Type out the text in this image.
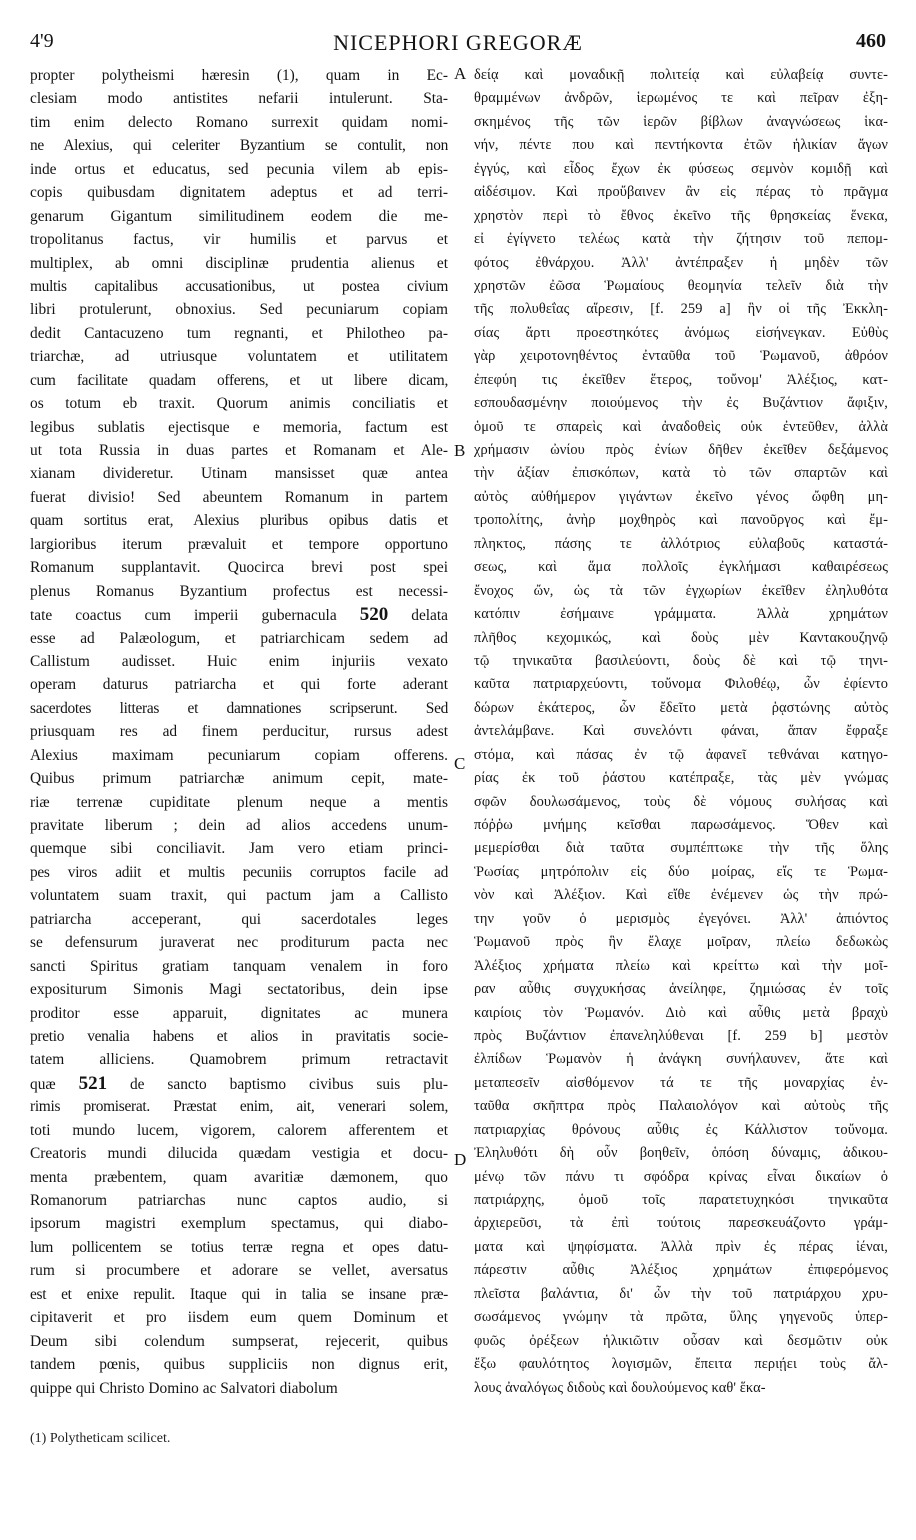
4'9	NICEPHORI GREGORÆ	460
propter polytheismi hæresin (1), quam in Ec-
clesiam modo antistites nefarii intulerunt. Sta-
tim enim delecto Romano surrexit quidam nomi-
ne Alexius, qui celeriter Byzantium se contulit, non
inde ortus et educatus, sed pecunia vilem ab epis-
copis quibusdam dignitatem adeptus et ad terri-
genarum Gigantum similitudinem eodem die me-
tropolitanus factus, vir humilis et parvus et
multiplex, ab omni disciplinæ prudentia alienus et
multis capitalibus accusationibus, ut postea civium
libri protulerunt, obnoxius. Sed pecuniarum copiam
dedit Cantacuzeno tum regnanti, et Philotheo pa-
triarchæ, ad utriusque voluntatem et utilitatem
cum facilitate quadam offerens, et ut libere dicam,
os totum eb traxit. Quorum animis conciliatis et
legibus sublatis ejectisque e memoria, factum est
ut tota Russia in duas partes et Romanam et Ale-
xianam divideretur. Utinam mansisset quæ antea
fuerat divisio! Sed abeuntem Romanum in partem
quam sortitus erat, Alexius pluribus opibus datis et
largioribus iterum prævaluit et tempore opportuno
Romanum supplantavit. Quocirca brevi post spei
plenus Romanus Byzantium profectus est necessi-
tate coactus cum imperii gubernacula 520 delata
esse ad Palæologum, et patriarchicam sedem ad
Callistum audisset. Huic enim injuriis vexato
operam daturus patriarcha et qui forte aderant
sacerdotes litteras et damnationes scripserunt. Sed
priusquam res ad finem perducitur, rursus adest
Alexius maximam pecuniarum copiam offerens.
Quibus primum patriarchæ animum cepit, mate-
riæ terrenæ cupiditate plenum neque a mentis
pravitate liberum ; dein ad alios accedens unum-
quemque sibi conciliavit. Jam vero etiam princi-
pes viros adiit et multis pecuniis corruptos facile ad
voluntatem suam traxit, qui pactum jam a Callisto
patriarcha acceperant, qui sacerdotales leges
se defensurum juraverat nec proditurum pacta nec
sancti Spiritus gratiam tanquam venalem in foro
expositurum Simonis Magi sectatoribus, dein ipse
proditor esse apparuit, dignitates ac munera
pretio venalia habens et alios in pravitatis socie-
tatem alliciens. Quamobrem primum retractavit
quæ 521 de sancto baptismo civibus suis plu-
rimis promiserat. Præstat enim, ait, venerari solem,
toti mundo lucem, vigorem, calorem afferentem et
Creatoris mundi dilucida quædam vestigia et docu-
menta præbentem, quam avaritiæ dæmonem, quo
Romanorum patriarchas nunc captos audio, si
ipsorum magistri exemplum spectamus, qui diabo-
lum pollicentem se totius terræ regna et opes datu-
rum si procumbere et adorare se vellet, aversatus
est et enixe repulit. Itaque qui in talia se insane præ-
cipitaverit et pro iisdem eum quem Dominum et
Deum sibi colendum sumpserat, rejecerit, quibus
tandem pœnis, quibus suppliciis non dignus erit,
quippe qui Christo Domino ac Salvatori diabolum
δείᾳ καὶ μοναδικῇ πολιτείᾳ καὶ εὐλαβείᾳ συντε-
θραμμένων ἀνδρῶν, ἱερωμένος τε καὶ πεῖραν ἐξη-
σκημένος τῆς τῶν ἱερῶν βίβλων ἀναγνώσεως ἱκα-
νήν, πέντε που καὶ πεντήκοντα ἐτῶν ἡλικίαν ἄγων
ἐγγύς, καὶ εἶδος ἔχων ἐκ φύσεως σεμνὸν κομιδῇ καὶ
αἰδέσιμον. Καὶ προὔβαινεν ἂν εἰς πέρας τὸ πρᾶγμα
χρηστὸν περὶ τὸ ἔθνος ἐκεῖνο τῆς θρησκείας ἕνεκα,
εἰ ἐγίγνετο τελέως κατὰ τὴν ζήτησιν τοῦ πεπομ-
φότος ἐθνάρχου. Ἀλλ' ἀντέπραξεν ἡ μηδὲν τῶν
χρηστῶν ἐῶσα Ῥωμαίους θεομηνία τελεῖν διὰ τὴν
τῆς πολυθεΐας αἵρεσιν, [f. 259 a] ἣν οἱ τῆς Ἐκκλη-
σίας ἄρτι προεστηκότες ἀνόμως εἰσήνεγκαν. Εὐθὺς
γὰρ χειροτονηθέντος ἐνταῦθα τοῦ Ῥωμανοῦ, ἀθρόον
ἐπεφύη τις ἐκεῖθεν ἕτερος, τοὔνομ' Ἀλέξιος, κατ-
εσπουδασμένην ποιούμενος τὴν ἐς Βυζάντιον ἄφιξιν,
ὁμοῦ τε σπαρεὶς καὶ ἀναδοθεὶς οὐκ ἐντεῦθεν, ἀλλὰ
χρήμασιν ὠνίου πρὸς ἐνίων δῆθεν ἐκεῖθεν δεξάμενος
τὴν ἀξίαν ἐπισκόπων, κατὰ τὸ τῶν σπαρτῶν καὶ
αὐτὸς αὐθήμερον γιγάντων ἐκεῖνο γένος ὤφθη μη-
τροπολίτης, ἀνὴρ μοχθηρὸς καὶ πανοῦργος καὶ ἔμ-
πληκτος, πάσης τε ἀλλότριος εὐλαβοῦς καταστά-
σεως, καὶ ἅμα πολλοῖς ἐγκλήμασι καθαιρέσεως
ἔνοχος ὤν, ὡς τὰ τῶν ἐγχωρίων ἐκεῖθεν ἐληλυθότα
κατόπιν ἐσήμαινε γράμματα. Ἀλλὰ χρημάτων
πλῆθος κεχομικώς, καὶ δοὺς μὲν Καντακουζηνῷ
τῷ τηνικαῦτα βασιλεύοντι, δοὺς δὲ καὶ τῷ τηνι-
καῦτα πατριαρχεύοντι, τοὔνομα Φιλοθέῳ, ὧν ἐφίεντο
δώρων ἑκάτερος, ὧν ἔδεῖτο μετὰ ῥᾳστώνης αὐτὸς
ἀντελάμβανε. Καὶ συνελόντι φάναι, ἅπαν ἔφραξε
στόμα, καὶ πάσας ἐν τῷ ἀφανεῖ τεθνάναι κατηγο-
ρίας ἐκ τοῦ ῥάστου κατέπραξε, τὰς μὲν γνώμας
σφῶν δουλωσάμενος, τοὺς δὲ νόμους συλήσας καὶ
πόῤῥω μνήμης κεῖσθαι παρωσάμενος. Ὅθεν καὶ
μεμερίσθαι διὰ ταῦτα συμπέπτωκε τὴν τῆς ὅλης
Ῥωσίας μητρόπολιν εἰς δύο μοίρας, εἴς τε Ῥωμα-
νὸν καὶ Ἀλέξιον. Καὶ εἴθε ἐνέμενεν ὡς τὴν πρώ-
την γοῦν ὁ μερισμὸς ἐγεγόνει. Ἀλλ' ἀπιόντος
Ῥωμανοῦ πρὸς ἣν ἔλαχε μοῖραν, πλείω δεδωκὼς
Ἀλέξιος χρήματα πλείω καὶ κρείττω καὶ τὴν μοῖ-
ραν αὖθις συγχυκήσας ἀνείληφε, ζημιώσας ἐν τοῖς
καιρίοις τὸν Ῥωμανόν. Διὸ καὶ αὖθις μετὰ βραχὺ
πρὸς Βυζάντιον ἐπανεληλύθεναι [f. 259 b] μεστὸν
ἐλπίδων Ῥωμανὸν ἡ ἀνάγκη συνήλαυνεν, ἅτε καὶ
μεταπεσεῖν αἰσθόμενον τά τε τῆς μοναρχίας ἐν-
ταῦθα σκῆπτρα πρὸς Παλαιολόγον καὶ αὐτοὺς τῆς
πατριαρχίας θρόνους αὖθις ἐς Κάλλιστον τοὔνομα.
Ἐληλυθότι δὴ οὖν βοηθεῖν, ὁπόση δύναμις, ἀδικου-
μένῳ τῶν πάνυ τι σφόδρα κρίνας εἶναι δικαίων ὁ
πατριάρχης, ὁμοῦ τοῖς παρατετυχηκόσι τηνικαῦτα
ἀρχιερεῦσι, τὰ ἐπὶ τούτοις παρεσκευάζοντο γράμ-
ματα καὶ ψηφίσματα. Ἀλλὰ πρὶν ἐς πέρας ἰέναι,
πάρεστιν αὖθις Ἀλέξιος χρημάτων ἐπιφερόμενος
πλεῖστα βαλάντια, δι' ὧν τὴν τοῦ πατριάρχου χρυ-
σωσάμενος γνώμην τὰ πρῶτα, ὕλης γηγενοῦς ὑπερ-
φυῶς ὀρέξεων ἡλικιῶτιν οὖσαν καὶ δεσμῶτιν οὐκ
ἔξω φαυλότητος λογισμῶν, ἔπειτα περιῄει τοὺς ἄλ-
λους ἀναλόγως διδοὺς καὶ δουλούμενος καθ' ἕκα-
A
B
C
D
(1) Polytheticam scilicet.
